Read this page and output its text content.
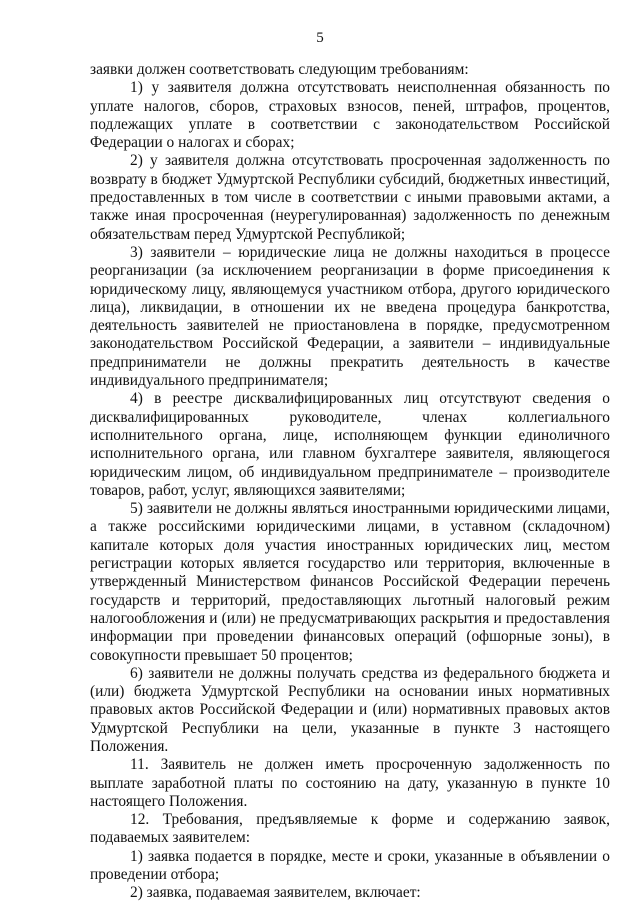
5

заявки должен соответствовать следующим требованиям:

1) у заявителя должна отсутствовать неисполненная обязанность по уплате налогов, сборов, страховых взносов, пеней, штрафов, процентов, подлежащих уплате в соответствии с законодательством Российской Федерации о налогах и сборах;

2) у заявителя должна отсутствовать просроченная задолженность по возврату в бюджет Удмуртской Республики субсидий, бюджетных инвестиций, предоставленных в том числе в соответствии с иными правовыми актами, а также иная просроченная (неурегулированная) задолженность по денежным обязательствам перед Удмуртской Республикой;

3) заявители – юридические лица не должны находиться в процессе реорганизации (за исключением реорганизации в форме присоединения к юридическому лицу, являющемуся участником отбора, другого юридического лица), ликвидации, в отношении их не введена процедура банкротства, деятельность заявителей не приостановлена в порядке, предусмотренном законодательством Российской Федерации, а заявители – индивидуальные предприниматели не должны прекратить деятельность в качестве индивидуального предпринимателя;

4) в реестре дисквалифицированных лиц отсутствуют сведения о дисквалифицированных руководителе, членах коллегиального исполнительного органа, лице, исполняющем функции единоличного исполнительного органа, или главном бухгалтере заявителя, являющегося юридическим лицом, об индивидуальном предпринимателе – производителе товаров, работ, услуг, являющихся заявителями;

5) заявители не должны являться иностранными юридическими лицами, а также российскими юридическими лицами, в уставном (складочном) капитале которых доля участия иностранных юридических лиц, местом регистрации которых является государство или территория, включенные в утвержденный Министерством финансов Российской Федерации перечень государств и территорий, предоставляющих льготный налоговый режим налогообложения и (или) не предусматривающих раскрытия и предоставления информации при проведении финансовых операций (офшорные зоны), в совокупности превышает 50 процентов;

6) заявители не должны получать средства из федерального бюджета и (или) бюджета Удмуртской Республики на основании иных нормативных правовых актов Российской Федерации и (или) нормативных правовых актов Удмуртской Республики на цели, указанные в пункте 3 настоящего Положения.

11. Заявитель не должен иметь просроченную задолженность по выплате заработной платы по состоянию на дату, указанную в пункте 10 настоящего Положения.

12. Требования, предъявляемые к форме и содержанию заявок, подаваемых заявителем:

1) заявка подается в порядке, месте и сроки, указанные в объявлении о проведении отбора;

2) заявка, подаваемая заявителем, включает:
